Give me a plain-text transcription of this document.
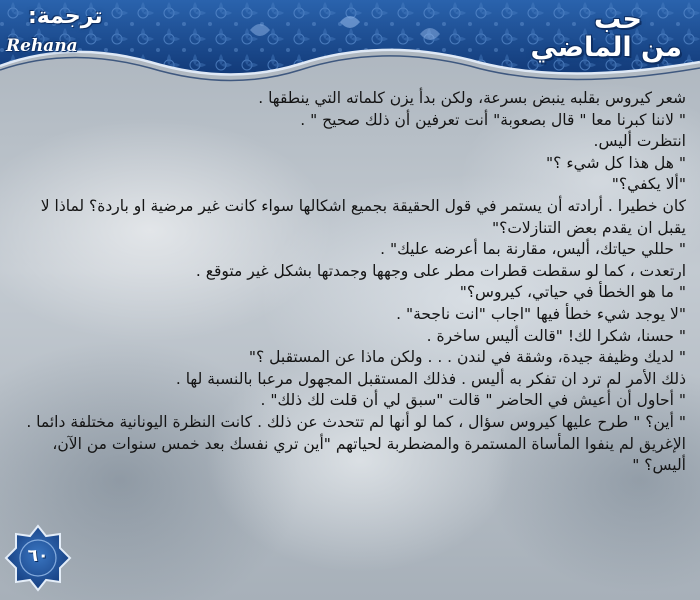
ترجمة:
Rehana
حب
من الماضي

شعر كيروس بقلبه ينبض بسرعة، ولكن بدأ يزن كلماته التي ينطقها .

" لاننا كبرنا معا " قال بصعوبة" أنت تعرفين أن ذلك صحيح " .

انتظرت أليس.

" هل هذا كل شيء ؟"

"ألا يكفي؟"

كان خطيرا . أرادته أن يستمر في قول الحقيقة بجميع اشكالها سواء كانت غير مرضية او باردة؟ لماذا لا يقبل ان يقدم بعض التنازلات؟"

" حللي حياتك، أليس، مقارنة بما أعرضه عليك" .

ارتعدت ، كما لو سقطت قطرات مطر على وجهها وجمدتها بشكل غير متوقع .

" ما هو الخطأ في حياتي، كيروس؟"

"لا يوجد شيء خطأ فيها "اجاب "انت ناجحة" .

" حسنا، شكرا لك! "قالت أليس ساخرة .

" لديك وظيفة جيدة، وشقة في لندن . . . ولكن ماذا عن المستقبل ؟"

ذلك الأمر لم ترد ان تفكر به أليس . فذلك المستقبل المجهول مرعبا بالنسبة لها .

" أحاول أن أعيش في الحاضر " قالت "سبق لي أن قلت لك ذلك" .

" أين؟ " طرح عليها كيروس سؤال ، كما لو أنها لم تتحدث عن ذلك . كانت النظرة اليونانية مختلفة دائما .

الإغريق لم ينفوا المأساة المستمرة والمضطربة لحياتهم "أين تري نفسك بعد خمس سنوات من الآن، أليس؟ "

٦٠
